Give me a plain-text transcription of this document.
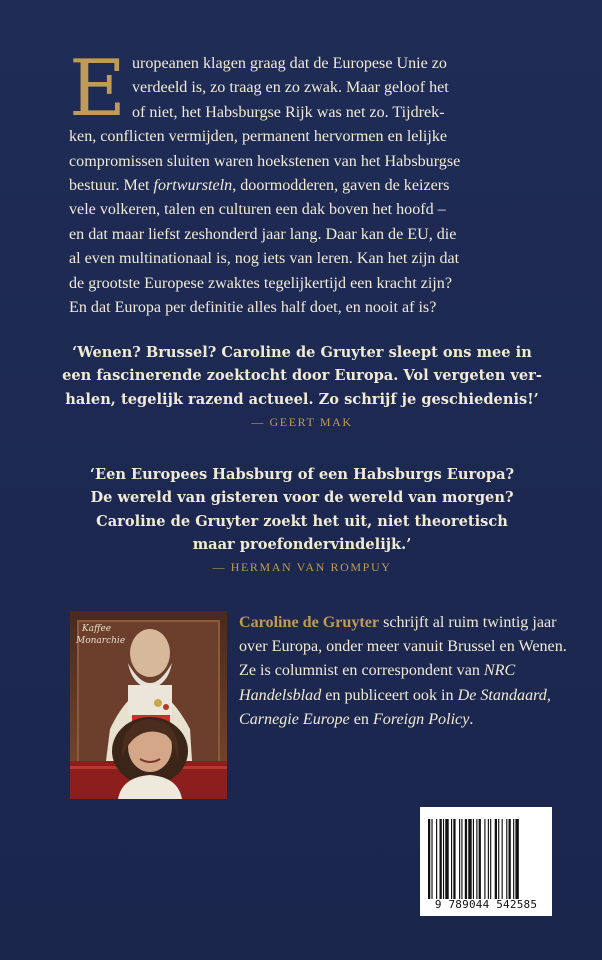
E uropeanen klagen graag dat de Europese Unie zo
verdeeld is, zo traag en zo zwak. Maar geloof het
of niet, het Habsburgse Rijk was net zo. Tijdrek-
ken, conflicten vermijden, permanent hervormen en lelijke
compromissen sluiten waren hoekstenen van het Habsburgse
bestuur. Met fortwursteln, doormodderen, gaven de keizers
vele volkeren, talen en culturen een dak boven het hoofd –
en dat maar liefst zeshonderd jaar lang. Daar kan de EU, die
al even multinationaal is, nog iets van leren. Kan het zijn dat
de grootste Europese zwaktes tegelijkertijd een kracht zijn?
En dat Europa per definitie alles half doet, en nooit af is?

‘Wenen? Brussel? Caroline de Gruyter sleept ons mee in
een fascinerende zoektocht door Europa. Vol vergeten ver-
halen, tegelijk razend actueel. Zo schrijf je geschiedenis!’

— GEERT MAK

‘Een Europees Habsburg of een Habsburgs Europa?
De wereld van gisteren voor de wereld van morgen?
Caroline de Gruyter zoekt het uit, niet theoretisch
maar proefondervindelijk.’

— HERMAN VAN ROMPUY
Kaffee
Monarchie

Caroline de Gruyter schrijft al ruim twintig jaar over Europa, onder meer vanuit Brussel en Wenen. Ze is columnist en correspondent van NRC Handelsblad en publiceert ook in De Standaard, Carnegie Europe en Foreign Policy.

9 789044 542585
